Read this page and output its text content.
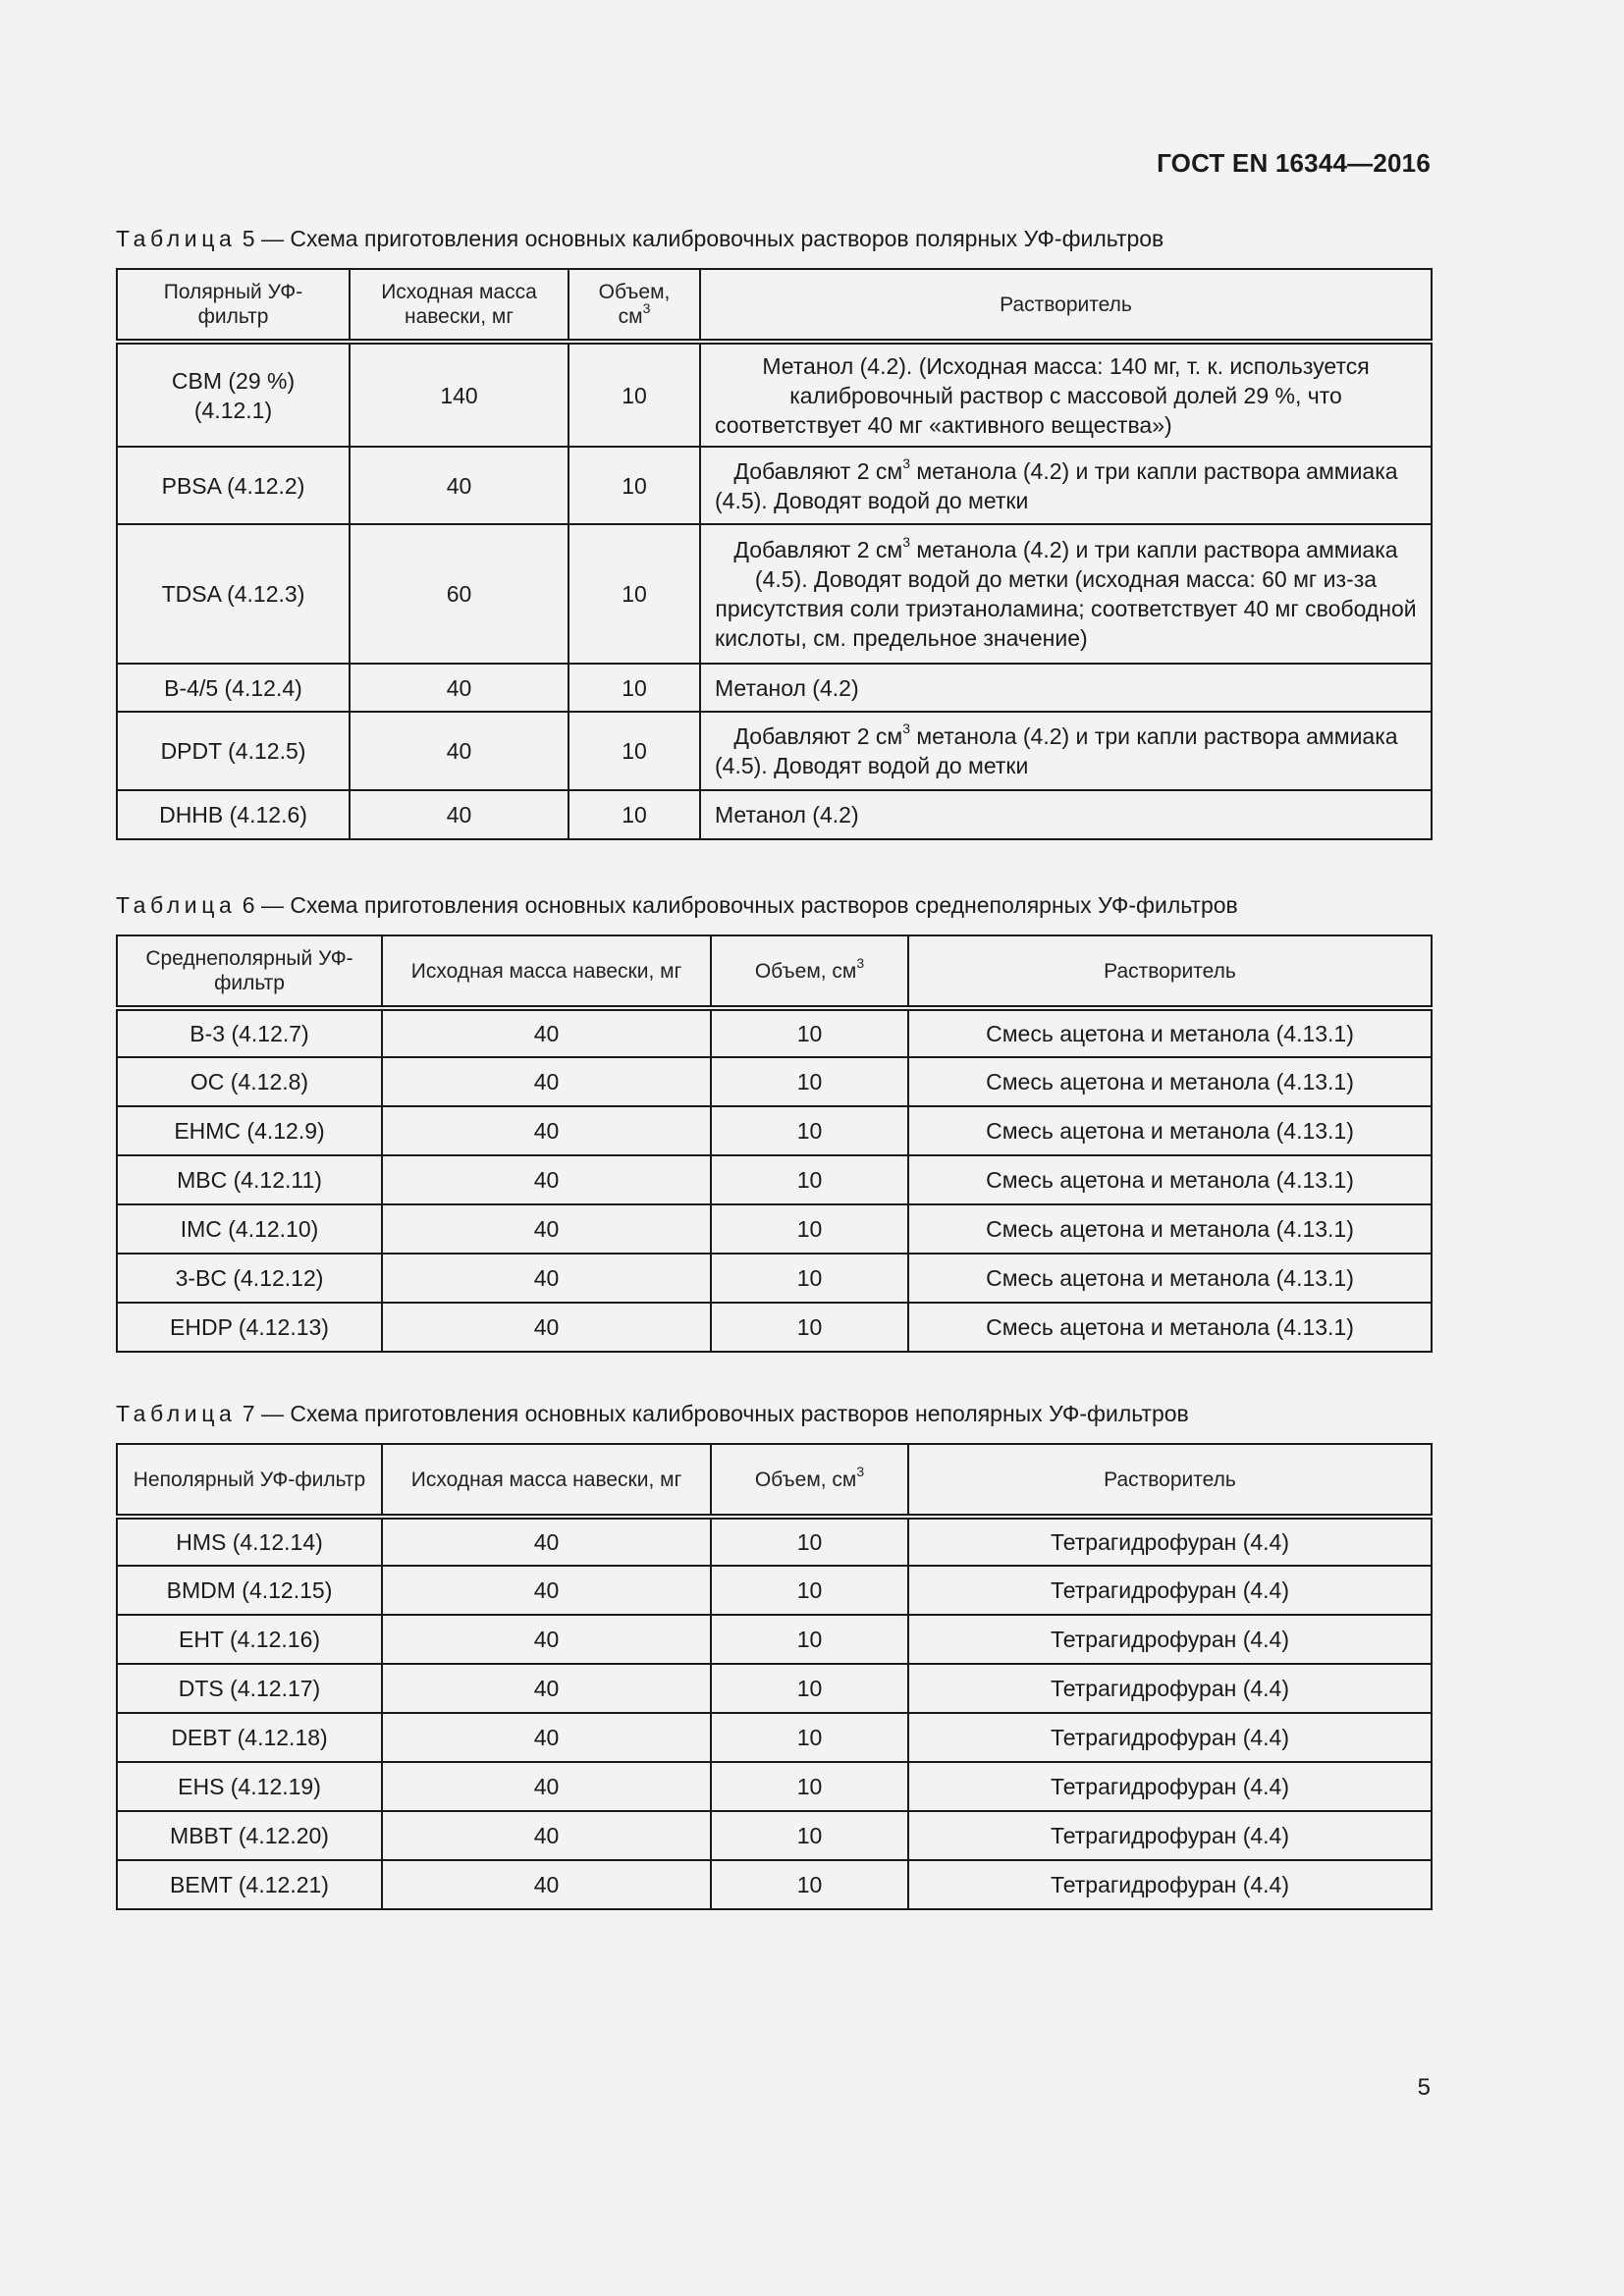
ГОСТ EN 16344—2016
Таблица 5 — Схема приготовления основных калибровочных растворов полярных УФ-фильтров
Полярный УФ-фильтр	Исходная масса навески, мг	Объем, $см^3$	Растворитель
CBM (29 %) (4.12.1)	140	10	Метанол (4.2). (Исходная масса: 140 мг, т. к. используется калибровочный раствор с массовой долей 29 %, что соответствует 40 мг «активного вещества»)
PBSA (4.12.2)	40	10	Добавляют 2 $см^3$ метанола (4.2) и три капли раствора аммиака (4.5). Доводят водой до метки
TDSA (4.12.3)	60	10	Добавляют 2 $см^3$ метанола (4.2) и три капли раствора аммиака (4.5). Доводят водой до метки (исходная масса: 60 мг из-за присутствия соли триэтаноламина; соответствует 40 мг свободной кислоты, см. предельное значение)
B-4/5 (4.12.4)	40	10	Метанол (4.2)
DPDT (4.12.5)	40	10	Добавляют 2 $см^3$ метанола (4.2) и три капли раствора аммиака (4.5). Доводят водой до метки
DHHB (4.12.6)	40	10	Метанол (4.2)
Таблица 6 — Схема приготовления основных калибровочных растворов среднеполярных УФ-фильтров
Среднеполярный УФ-фильтр	Исходная масса навески, мг	Объем, $см^3$	Растворитель
B-3 (4.12.7)	40	10	Смесь ацетона и метанола (4.13.1)
OC (4.12.8)	40	10	Смесь ацетона и метанола (4.13.1)
EHMC (4.12.9)	40	10	Смесь ацетона и метанола (4.13.1)
MBC (4.12.11)	40	10	Смесь ацетона и метанола (4.13.1)
IMC (4.12.10)	40	10	Смесь ацетона и метанола (4.13.1)
3-BC (4.12.12)	40	10	Смесь ацетона и метанола (4.13.1)
EHDP (4.12.13)	40	10	Смесь ацетона и метанола (4.13.1)
Таблица 7 — Схема приготовления основных калибровочных растворов неполярных УФ-фильтров
Неполярный УФ-фильтр	Исходная масса навески, мг	Объем, $см^3$	Растворитель
HMS (4.12.14)	40	10	Тетрагидрофуран (4.4)
BMDM (4.12.15)	40	10	Тетрагидрофуран (4.4)
EHT (4.12.16)	40	10	Тетрагидрофуран (4.4)
DTS (4.12.17)	40	10	Тетрагидрофуран (4.4)
DEBT (4.12.18)	40	10	Тетрагидрофуран (4.4)
EHS (4.12.19)	40	10	Тетрагидрофуран (4.4)
MBBT (4.12.20)	40	10	Тетрагидрофуран (4.4)
BEMT (4.12.21)	40	10	Тетрагидрофуран (4.4)
5
